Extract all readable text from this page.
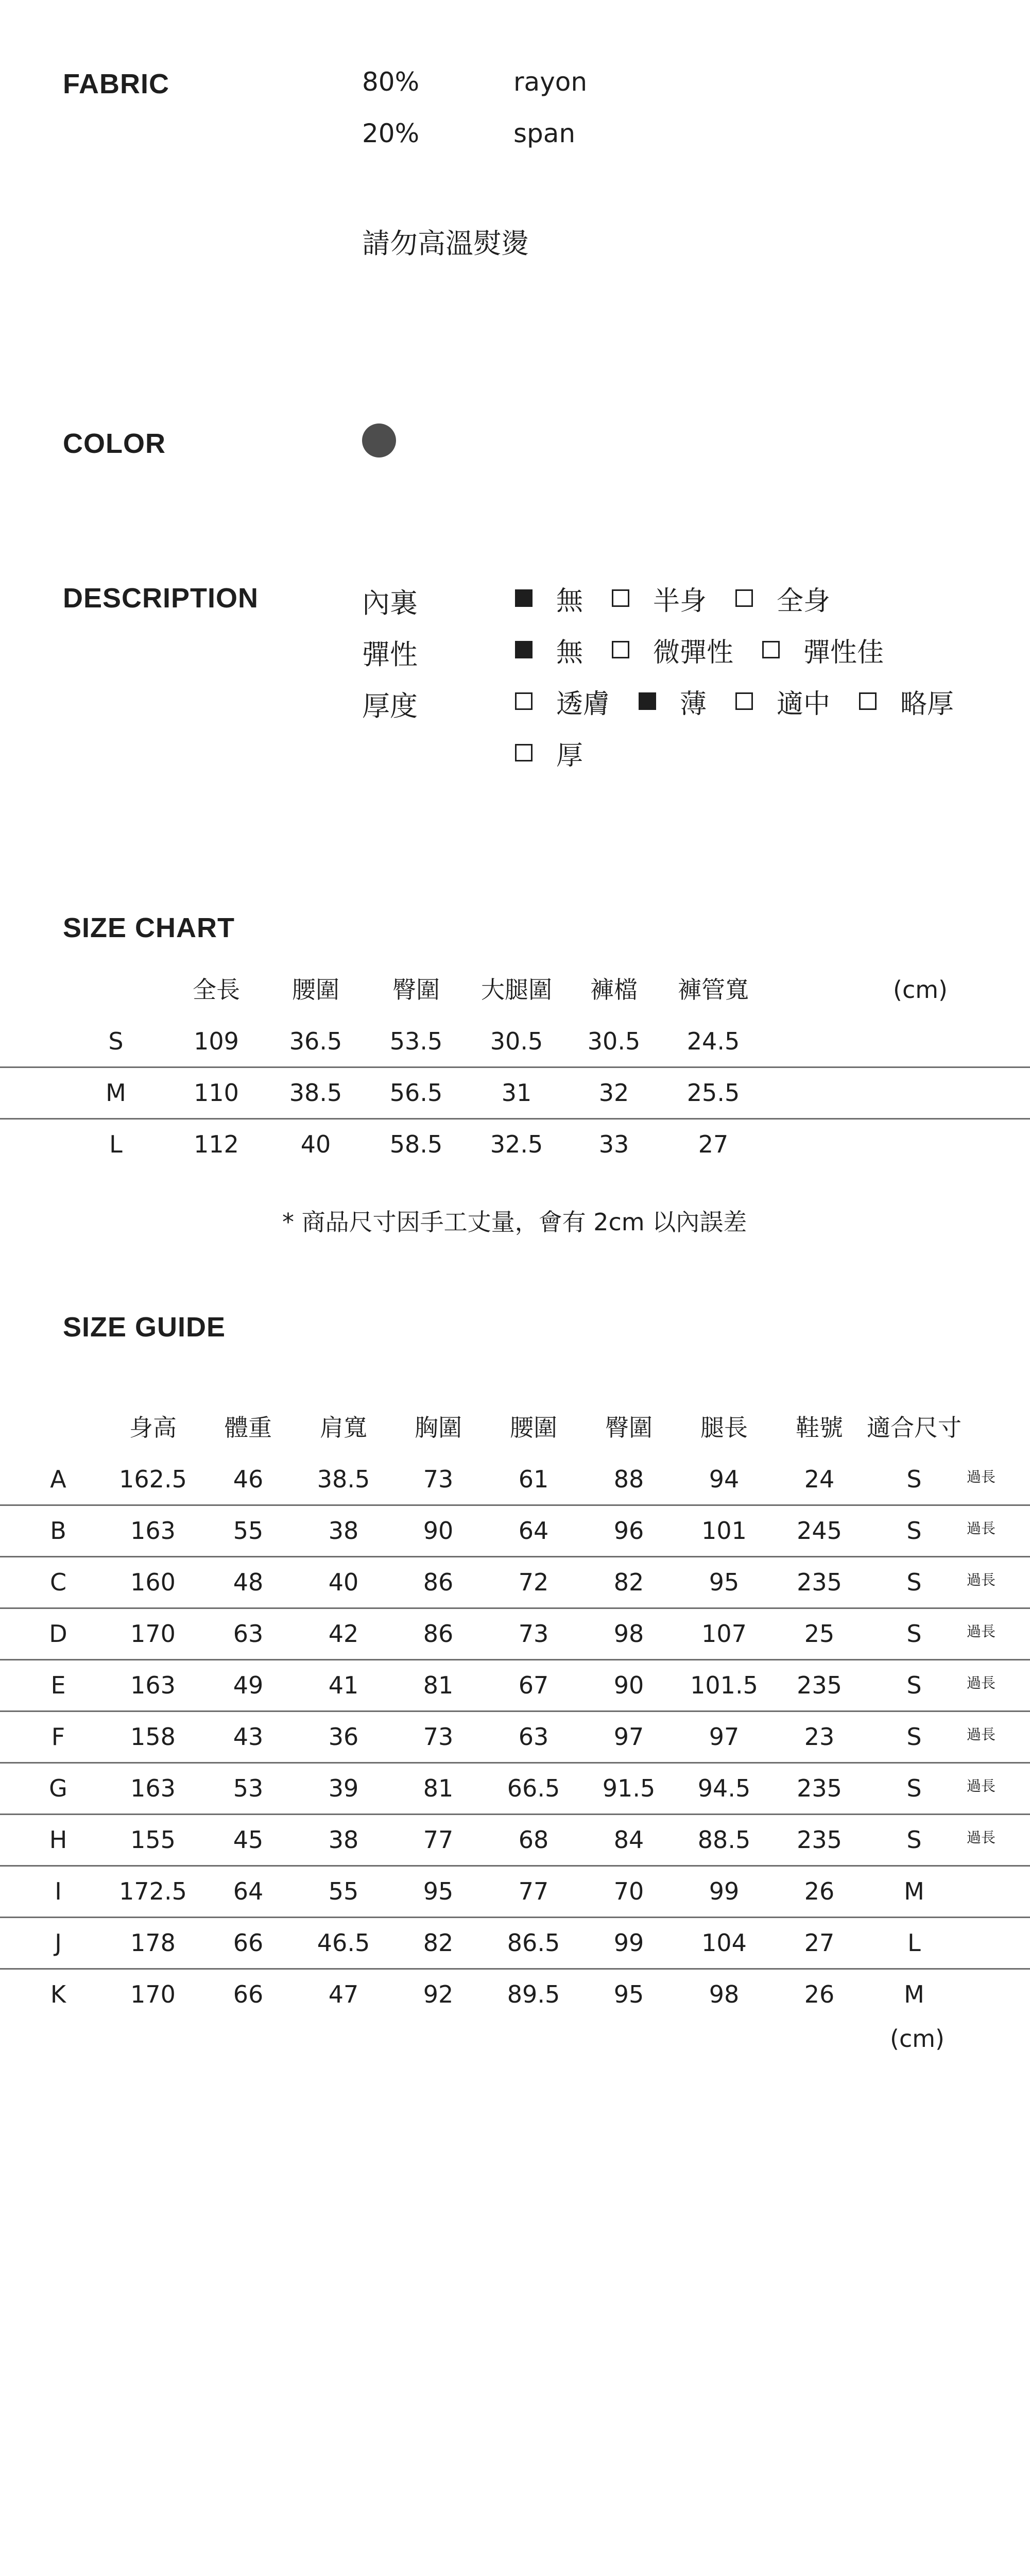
FABRIC	80%	rayon
20%	span
請勿高溫熨燙
COLOR
DESCRIPTION	內裏	無	半身	全身
彈性	無	微彈性	彈性佳
厚度	透膚	薄	適中	略厚
厚
SIZE CHART
全長 腰圍 臀圍 大腿圍 褲檔 褲管寬
S	109 36.5 53.5 30.5 30.5 24.5
M	110 38.5 56.5 31	32 25.5
L	112	40 58.5 32.5 33	27
(cm)
* 商品尺寸因手工丈量，會有 2cm 以內誤差
SIZE GUIDE
身高 體重 肩寬 胸圍 腰圍 臀圍 腿長 鞋號 適合尺寸
A 162.5 46 38.5 73	61	88	94	24	S	過長
B	163 55	38	90	64	96 101 245	S	過長
C	160 48	40	86	72	82	95 235	S	過長
D	170 63	42	86	73	98 107 25	S	過長
E	163 49	41	81	67	90 101.5 235	S	過長
F	158 43	36	73	63	97	97	23	S	過長
G	163 53	39	81 66.5 91.5 94.5 235	S	過長
H	155 45	38	77	68	84 88.5 235	S	過長
I 172.5 64	55	95	77	70	99	26	M
J	178 66 46.5 82 86.5 99 104 27	L
K	170 66	47	92 89.5 95	98	26	M
(cm)
